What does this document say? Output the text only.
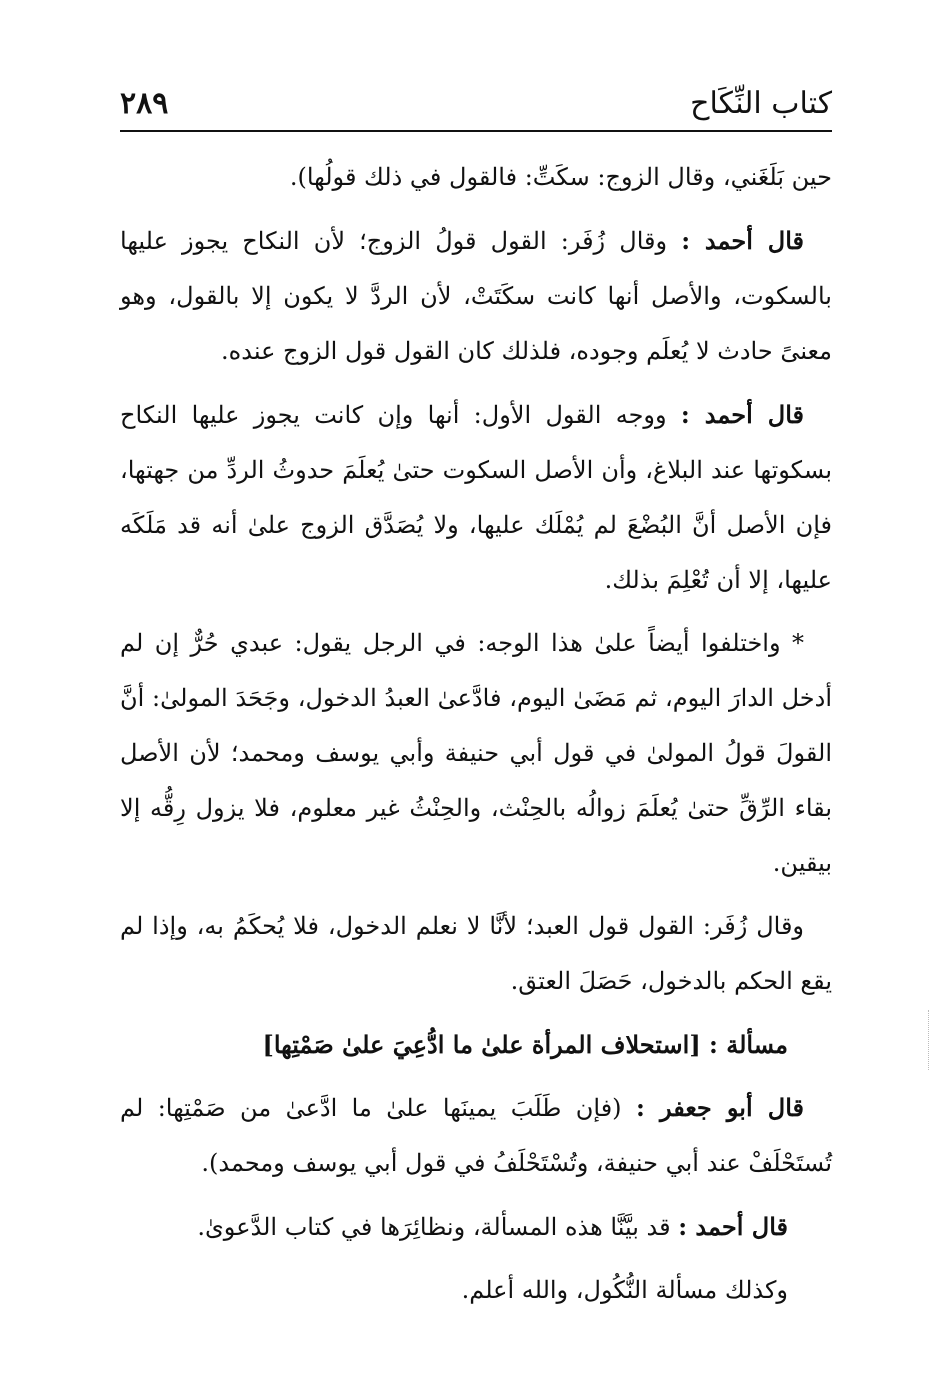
كتاب النِّكَاح
٢٨٩

حين بَلَغَني، وقال الزوج: سكَتِّ: فالقول في ذلك قولُها).

قال أحمد : وقال زُفَر: القول قولُ الزوج؛ لأن النكاح يجوز عليها بالسكوت، والأصل أنها كانت سكَتَتْ، لأن الردَّ لا يكون إلا بالقول، وهو معنىً حادث لا يُعلَم وجوده، فلذلك كان القول قول الزوج عنده.

قال أحمد : ووجه القول الأول: أنها وإن كانت يجوز عليها النكاح بسكوتها عند البلاغ، وأن الأصل السكوت حتىٰ يُعلَمَ حدوثُ الردِّ من جهتها، فإن الأصل أنَّ البُضْعَ لم يُمْلَك عليها، ولا يُصَدَّق الزوج علىٰ أنه قد مَلَكَه عليها، إلا أن تُعْلِمَ بذلك.

* واختلفوا أيضاً علىٰ هذا الوجه: في الرجل يقول: عبدي حُرٌّ إن لم أدخل الدارَ اليوم، ثم مَضَىٰ اليوم، فادَّعىٰ العبدُ الدخول، وجَحَدَ المولىٰ: أنَّ القولَ قولُ المولىٰ في قول أبي حنيفة وأبي يوسف ومحمد؛ لأن الأصل بقاء الرِّقِّ حتىٰ يُعلَمَ زوالُه بالحِنْث، والحِنْثُ غير معلوم، فلا يزول رِقُّه إلا بيقين.

وقال زُفَر: القول قول العبد؛ لأنَّا لا نعلم الدخول، فلا يُحكَمُ به، وإذا لم يقع الحكم بالدخول، حَصَلَ العتق.

مسألة : [استحلاف المرأة علىٰ ما ادُّعِيَ علىٰ صَمْتِها]

قال أبو جعفر : (فإن طَلَبَ يمينَها علىٰ ما ادَّعىٰ من صَمْتِها: لم تُستَحْلَفْ عند أبي حنيفة، وتُسْتَحْلَفُ في قول أبي يوسف ومحمد).

قال أحمد : قد بيَّنَّا هذه المسألة، ونظائِرَها في كتاب الدَّعوىٰ.

وكذلك مسألة النُّكُول، والله أعلم.
